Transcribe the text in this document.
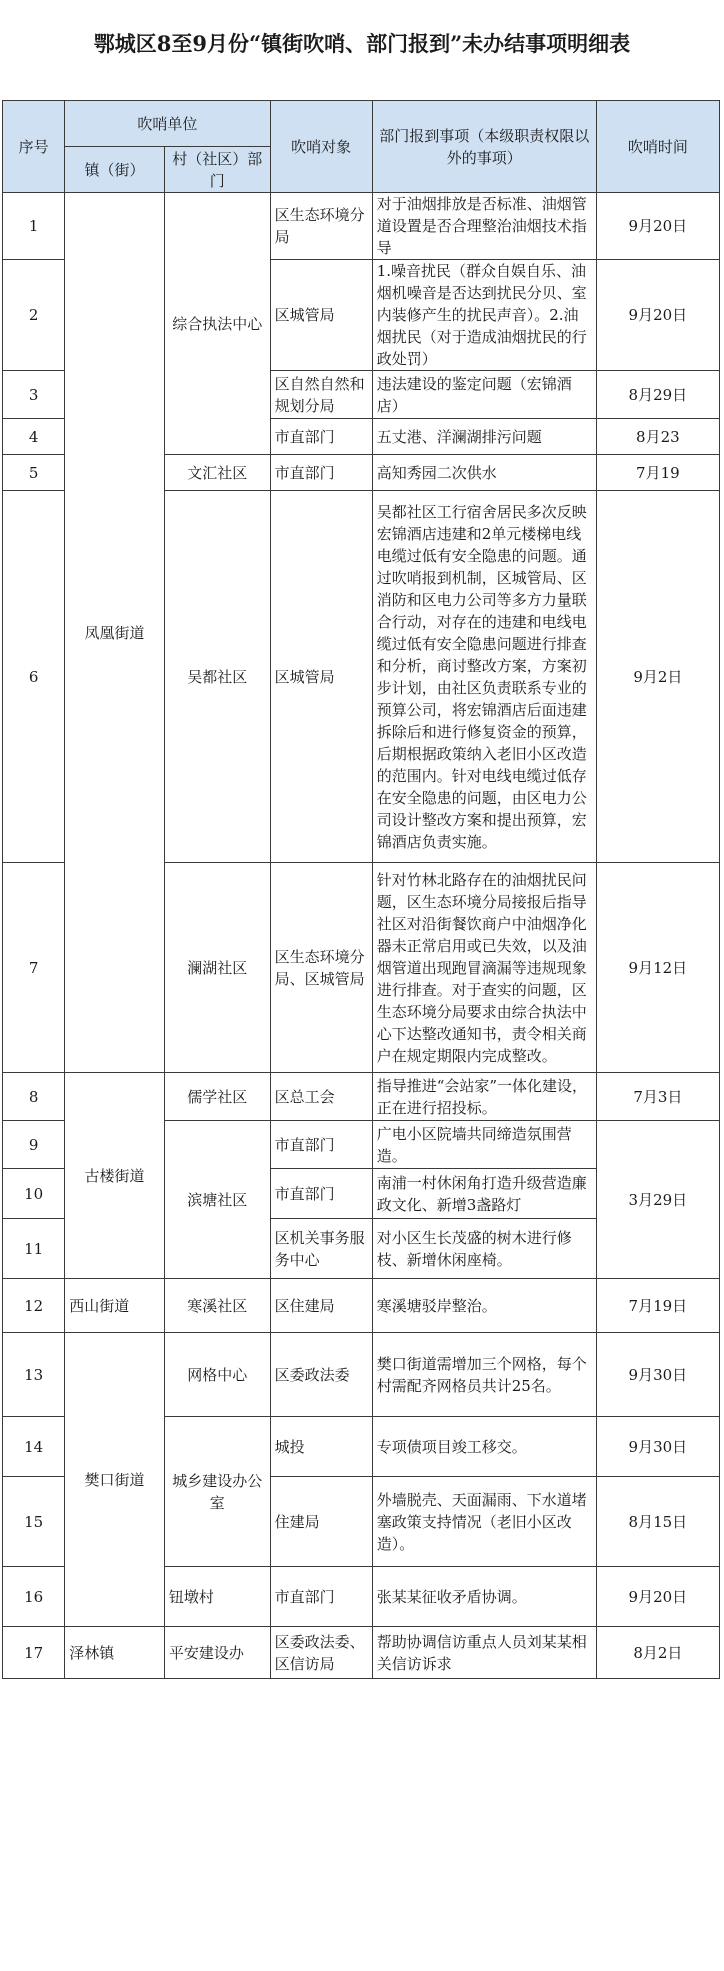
鄂城区8至9月份“镇街吹哨、部门报到”未办结事项明细表
序号	吹哨单位		吹哨对象	部门报到事项（本级职责权限以外的事项）	吹哨时间
	镇（街）	村（社区）部门			
1	凤凰街道	综合执法中心	区生态环境分局	对于油烟排放是否标准、油烟管道设置是否合理整治油烟技术指导	9月20日
2			区城管局	1.噪音扰民（群众自娱自乐、油烟机噪音是否达到扰民分贝、室内装修产生的扰民声音）。2.油烟扰民（对于造成油烟扰民的行政处罚）	9月20日
3			区自然自然和规划分局	违法建设的鉴定问题（宏锦酒店）	8月29日
4			市直部门	五丈港、洋澜湖排污问题	8月23
5		文汇社区	市直部门	高知秀园二次供水	7月19
6		吴都社区	区城管局	吴都社区工行宿舍居民多次反映宏锦酒店违建和2单元楼梯电线电缆过低有安全隐患的问题。通过吹哨报到机制，区城管局、区消防和区电力公司等多方力量联合行动，对存在的违建和电线电缆过低有安全隐患问题进行排查和分析，商讨整改方案，方案初步计划，由社区负责联系专业的预算公司，将宏锦酒店后面违建拆除后和进行修复资金的预算，后期根据政策纳入老旧小区改造的范围内。针对电线电缆过低存在安全隐患的问题，由区电力公司设计整改方案和提出预算，宏锦酒店负责实施。	9月2日
7		澜湖社区	区生态环境分局、区城管局	针对竹林北路存在的油烟扰民问题，区生态环境分局接报后指导社区对沿街餐饮商户中油烟净化器未正常启用或已失效，以及油烟管道出现跑冒滴漏等违规现象进行排查。对于查实的问题，区生态环境分局要求由综合执法中心下达整改通知书，责令相关商户在规定期限内完成整改。	9月12日
8	古楼街道	儒学社区	区总工会	指导推进“会站家”一体化建设，正在进行招投标。	7月3日
9		滨塘社区	市直部门	广电小区院墙共同缔造氛围营造。	3月29日
10			市直部门	南浦一村休闲角打造升级营造廉政文化、新增3盏路灯	
11			区机关事务服务中心	对小区生长茂盛的树木进行修枝、新增休闲座椅。	
12	西山街道	寒溪社区	区住建局	寒溪塘驳岸整治。	7月19日
13	樊口街道	网格中心	区委政法委	樊口街道需增加三个网格，每个村需配齐网格员共计25名。	9月30日
14		城乡建设办公室	城投	专项债项目竣工移交。	9月30日
15			住建局	外墙脱壳、天面漏雨、下水道堵塞政策支持情况（老旧小区改造）。	8月15日
16		钮墩村	市直部门	张某某征收矛盾协调。	9月20日
17	泽林镇	平安建设办	区委政法委、区信访局	帮助协调信访重点人员刘某某相关信访诉求	8月2日
